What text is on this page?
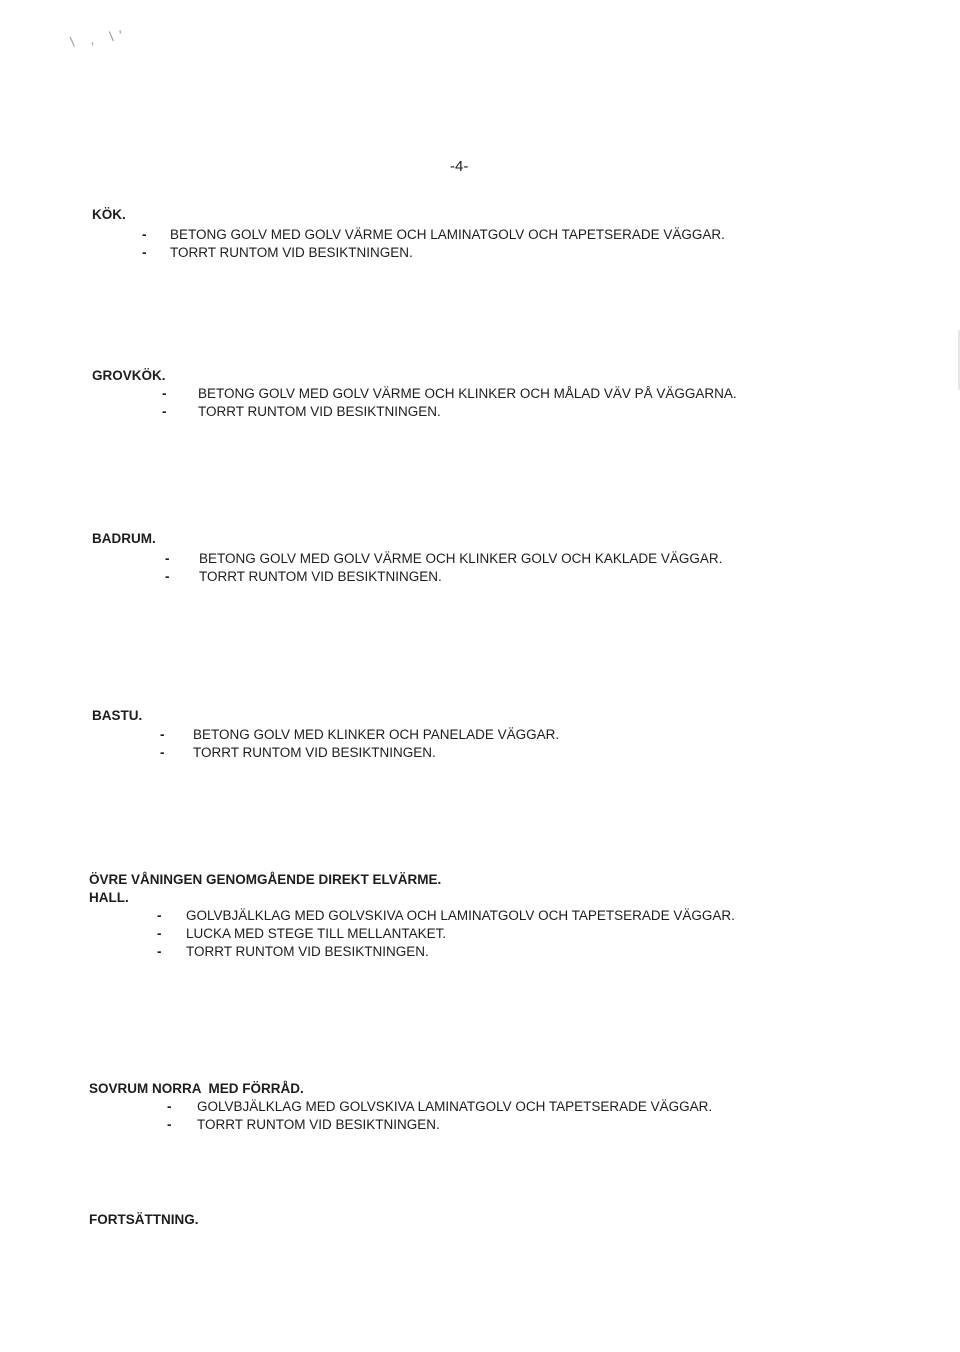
\ , \'
-4-
KÖK.
- BETONG GOLV MED GOLV VÄRME OCH LAMINATGOLV OCH TAPETSERADE VÄGGAR.
- TORRT RUNTOM VID BESIKTNINGEN.
GROVKÖK.
- BETONG GOLV MED GOLV VÄRME OCH KLINKER OCH MÅLAD VÄV PÅ VÄGGARNA.
- TORRT RUNTOM VID BESIKTNINGEN.
BADRUM.
- BETONG GOLV MED GOLV VÄRME OCH KLINKER GOLV OCH KAKLADE VÄGGAR.
- TORRT RUNTOM VID BESIKTNINGEN.
BASTU.
- BETONG GOLV MED KLINKER OCH PANELADE VÄGGAR.
- TORRT RUNTOM VID BESIKTNINGEN.
ÖVRE VÅNINGEN GENOMGÅENDE DIREKT ELVÄRME.
HALL.
- GOLVBJÄLKLAG MED GOLVSKIVA OCH LAMINATGOLV OCH TAPETSERADE VÄGGAR.
- LUCKA MED STEGE TILL MELLANTAKET.
- TORRT RUNTOM VID BESIKTNINGEN.
SOVRUM NORRA  MED FÖRRÅD.
- GOLVBJÄLKLAG MED GOLVSKIVA LAMINATGOLV OCH TAPETSERADE VÄGGAR.
- TORRT RUNTOM VID BESIKTNINGEN.
FORTSÄTTNING.
